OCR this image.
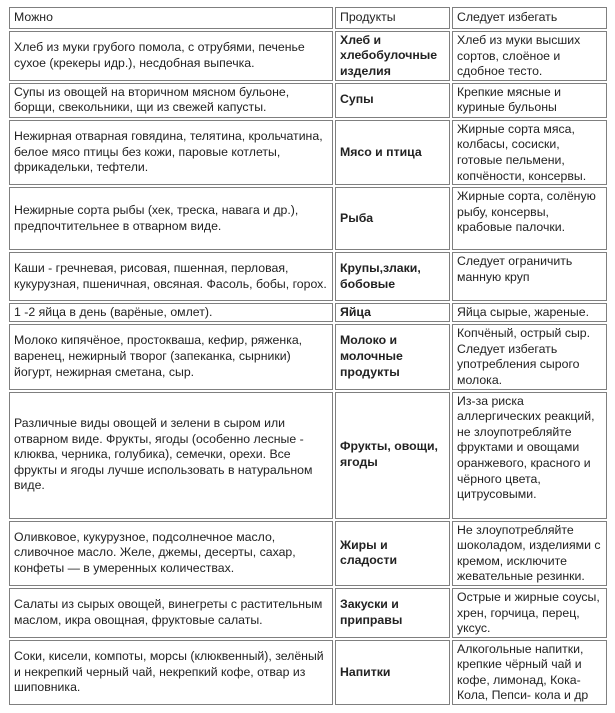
Можно	Продукты	Следует избегать
Хлеб из муки грубого помола, с отрубями, печенье сухое (крекеры идр.), несдобная выпечка.	Хлеб и хлебобулочные изделия	Хлеб из муки высших сортов, слоёное и сдобное тесто.
Супы из овощей на вторичном мясном бульоне, борщи, свекольники, щи из свежей капусты.	Супы	Крепкие мясные и куриные бульоны
Нежирная отварная говядина, телятина, крольчатина, белое мясо птицы без кожи, паровые котлеты, фрикадельки, тефтели.	Мясо и птица	Жирные сорта мяса, колбасы, сосиски, готовые пельмени, копчёности, консервы.
Нежирные сорта рыбы (хек, треска, навага и др.), предпочтительнее в отварном виде.	Рыба	Жирные сорта, солёную рыбу, консервы, крабовые палочки.
Каши - гречневая, рисовая, пшенная, перловая, кукурузная, пшеничная, овсяная. Фасоль, бобы, горох.	Крупы,злаки, бобовые	Следует ограничить манную круп
1 -2 яйца в день (варёные, омлет).	Яйца	Яйца сырые, жареные.
Молоко кипячёное, простокваша, кефир, ряженка, варенец, нежирный творог (запеканка, сырники) йогурт, нежирная сметана, сыр.	Молоко и молочные продукты	Копчёный, острый сыр. Следует избегать употребления сырого молока.
Различные виды овощей и зелени в сыром или отварном виде. Фрукты, ягоды (особенно лесные - клюква, черника, голубика), семечки, орехи. Все фрукты и ягоды лучше использовать в натуральном виде.	Фрукты, овощи, ягоды	Из-за риска аллергических реакций, не злоупотребляйте фруктами и овощами оранжевого, красного и чёрного цвета, цитрусовыми.
Оливковое, кукурузное, подсолнечное масло, сливочное масло. Желе, джемы, десерты, сахар, конфеты — в умеренных количествах.	Жиры и сладости	Не злоупотребляйте шоколадом, изделиями с кремом, исключите жевательные резинки.
Салаты из сырых овощей, винегреты с растительным маслом, икра овощная, фруктовые салаты.	Закуски и приправы	Острые и жирные соусы, хрен, горчица, перец, уксус.
Соки, кисели, компоты, морсы (клюквенный), зелёный и некрепкий черный чай, некрепкий кофе, отвар из шиповника.	Напитки	Алкогольные напитки, крепкие чёрный чай и кофе, лимонад, Кока-Кола, Пепси- кола и др
